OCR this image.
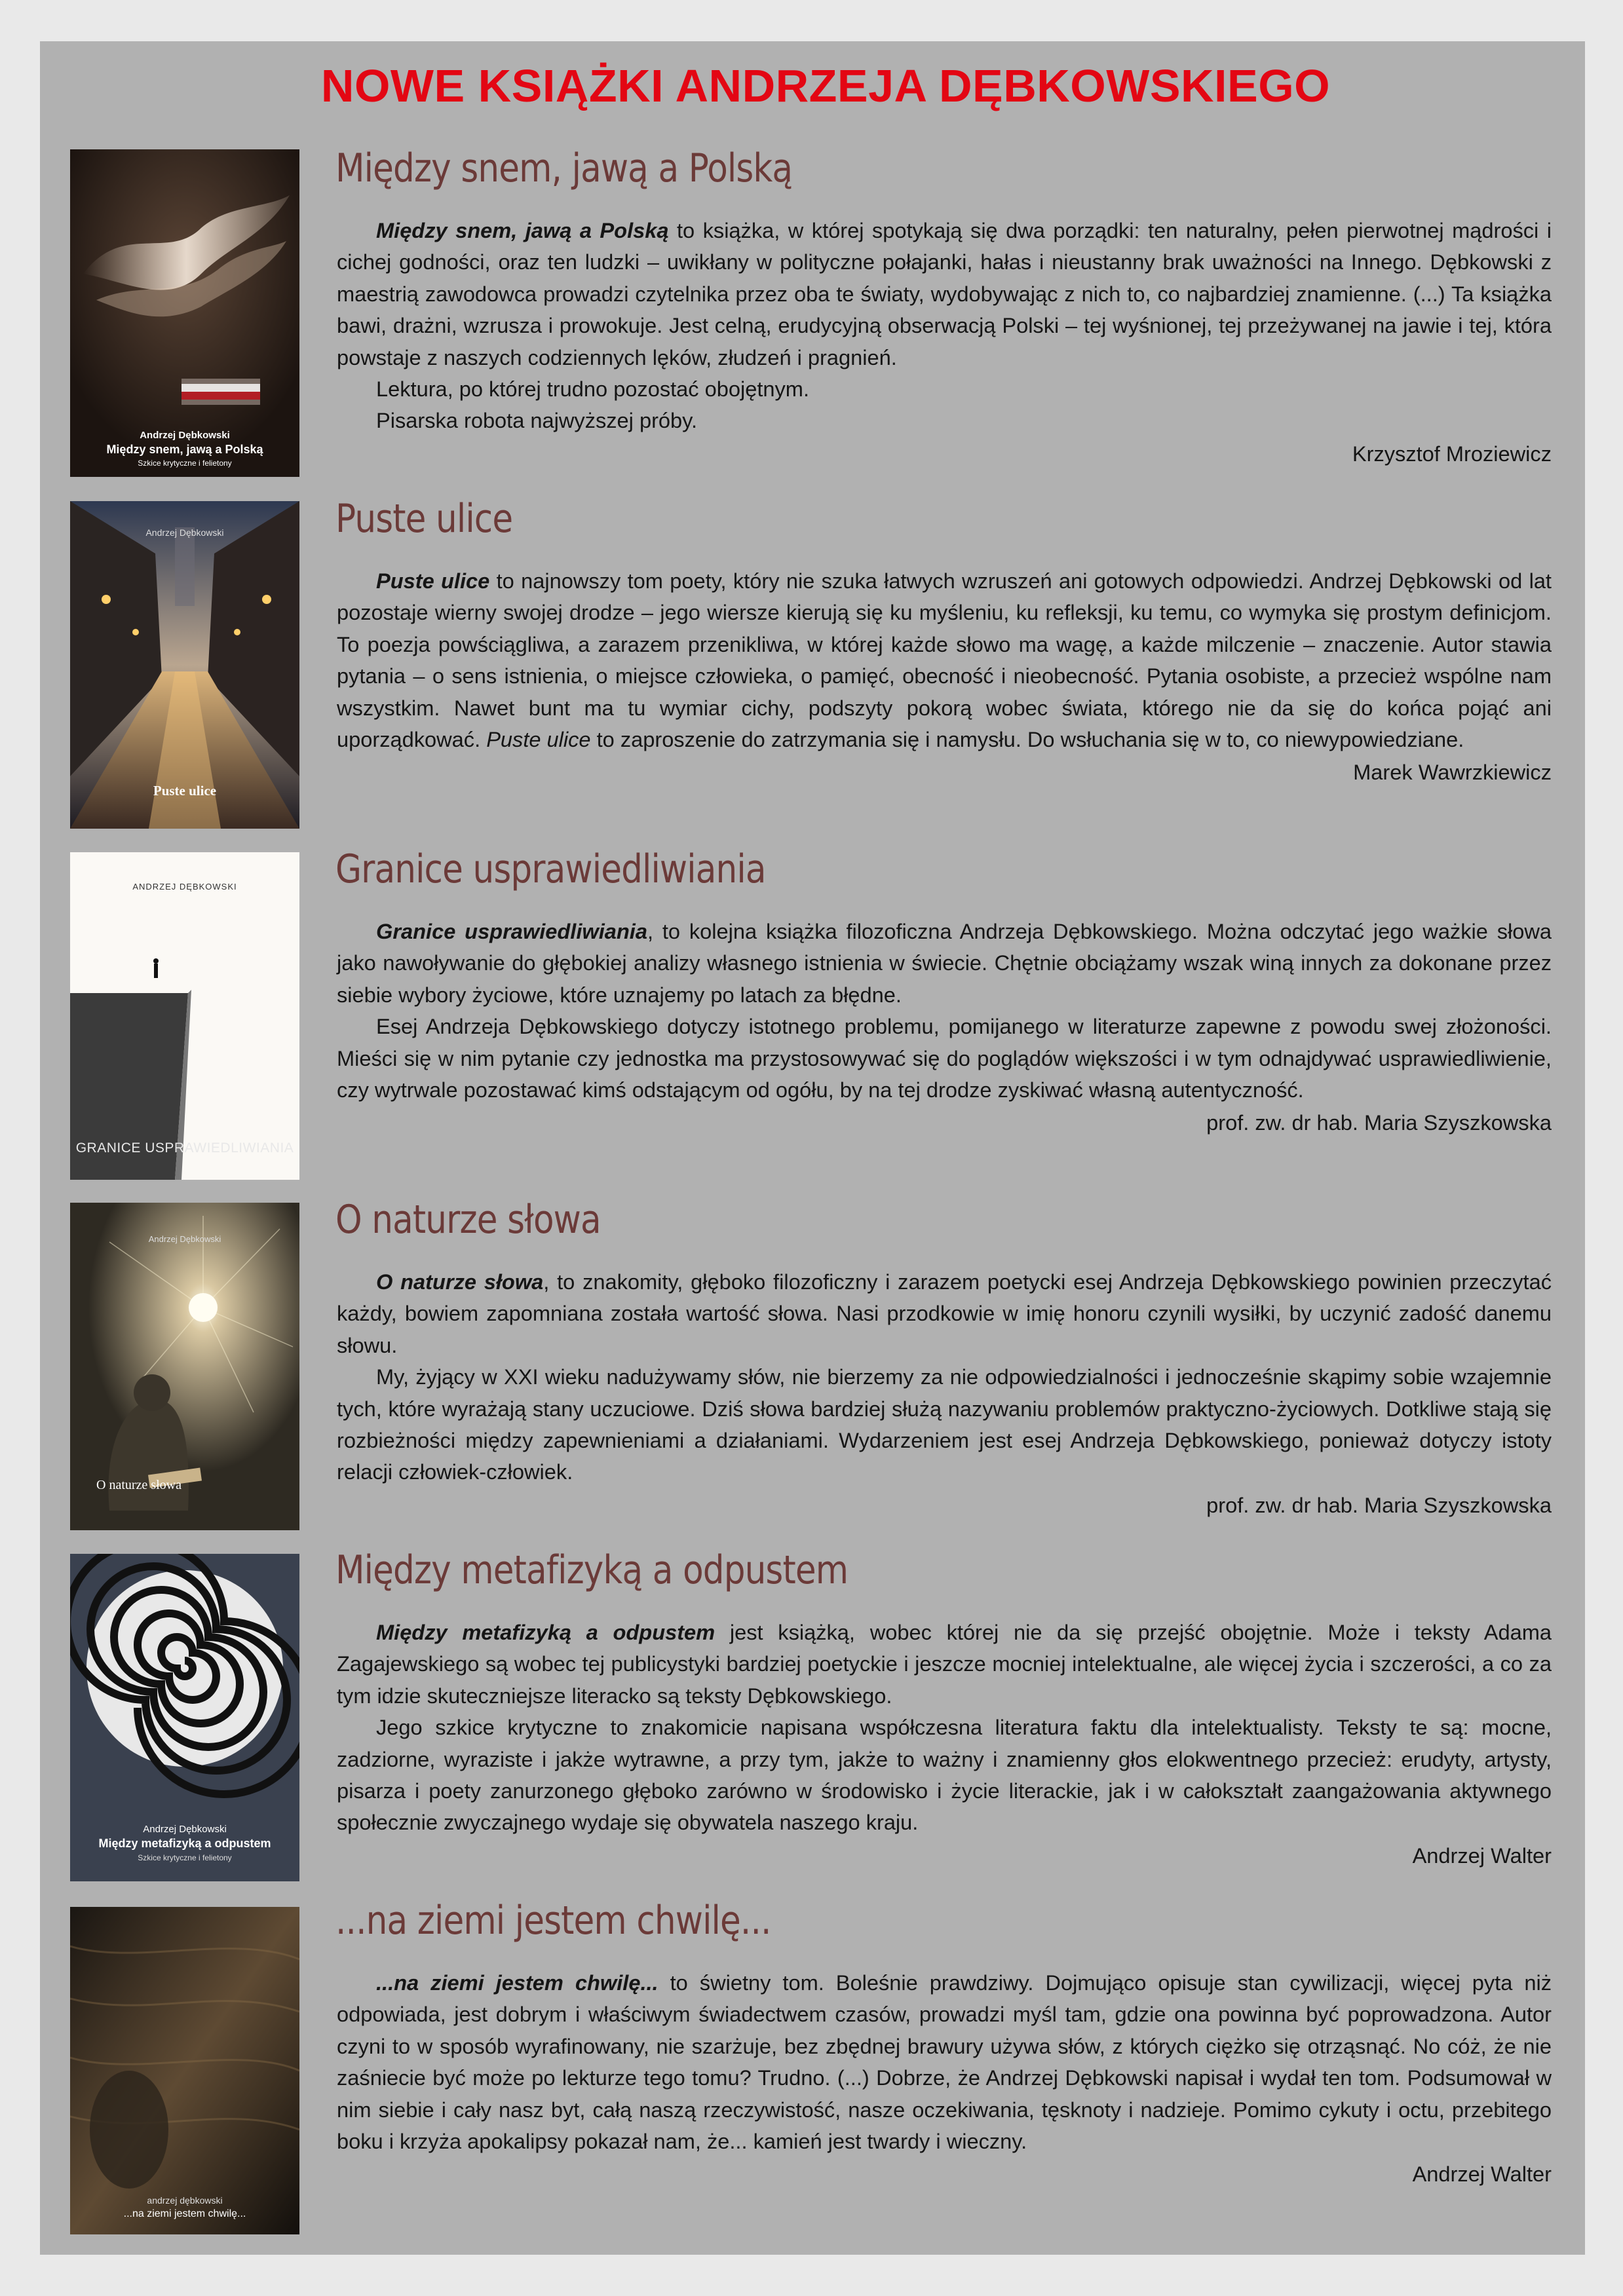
NOWE KSIĄŻKI ANDRZEJA DĘBKOWSKIEGO
Andrzej Dębkowski
Między snem, jawą a Polską
Szkice krytyczne i felietony
Między snem, jawą a Polską

Między snem, jawą a Polską to książka, w której spotykają się dwa porządki: ten naturalny, pełen pierwotnej mądrości i cichej godności, oraz ten ludzki – uwikłany w polityczne połajanki, hałas i nieustanny brak uważności na Innego. Dębkowski z maestrią zawodowca prowadzi czytelnika przez oba te światy, wydobywając z nich to, co najbardziej znamienne. (...) Ta książka bawi, drażni, wzrusza i prowokuje. Jest celną, erudycyjną obserwacją Polski – tej wyśnionej, tej przeżywanej na jawie i tej, która powstaje z naszych codziennych lęków, złudzeń i pragnień.

Lektura, po której trudno pozostać obojętnym.

Pisarska robota najwyższej próby.

Krzysztof Mroziewicz

Andrzej Dębkowski
Puste ulice
Puste ulice

Puste ulice to najnowszy tom poety, który nie szuka łatwych wzruszeń ani gotowych odpowiedzi. Andrzej Dębkowski od lat pozostaje wierny swojej drodze – jego wiersze kierują się ku myśleniu, ku refleksji, ku temu, co wymyka się prostym definicjom. To poezja powściągliwa, a zarazem przenikliwa, w której każde słowo ma wagę, a każde milczenie – znaczenie. Autor stawia pytania – o sens istnienia, o miejsce człowieka, o pamięć, obecność i nieobecność. Pytania osobiste, a przecież wspólne nam wszystkim. Nawet bunt ma tu wymiar cichy, podszyty pokorą wobec świata, którego nie da się do końca pojąć ani uporządkować. Puste ulice to zaproszenie do zatrzymania się i namysłu. Do wsłuchania się w to, co niewypowiedziane.

Marek Wawrzkiewicz

ANDRZEJ DĘBKOWSKI
GRANICE USPRAWIEDLIWIANIA
Granice usprawiedliwiania

Granice usprawiedliwiania, to kolejna książka filozoficzna Andrzeja Dębkowskiego. Można odczytać jego ważkie słowa jako nawoływanie do głębokiej analizy własnego istnienia w świecie. Chętnie obciążamy wszak winą innych za dokonane przez siebie wybory życiowe, które uznajemy po latach za błędne.

Esej Andrzeja Dębkowskiego dotyczy istotnego problemu, pomijanego w literaturze zapewne z powodu swej złożoności. Mieści się w nim pytanie czy jednostka ma przystosowywać się do poglądów większości i w tym odnajdywać usprawiedliwienie, czy wytrwale pozostawać kimś odstającym od ogółu, by na tej drodze zyskiwać własną autentyczność.

prof. zw. dr hab. Maria Szyszkowska

Andrzej Dębkowski
O naturze słowa
O naturze słowa

O naturze słowa, to znakomity, głęboko filozoficzny i zarazem poetycki esej Andrzeja Dębkowskiego powinien przeczytać każdy, bowiem zapomniana została wartość słowa. Nasi przodkowie w imię honoru czynili wysiłki, by uczynić zadość danemu słowu.

My, żyjący w XXI wieku nadużywamy słów, nie bierzemy za nie odpowiedzialności i jednocześnie skąpimy sobie wzajemnie tych, które wyrażają stany uczuciowe. Dziś słowa bardziej służą nazywaniu problemów praktyczno-życiowych. Dotkliwe stają się rozbieżności między zapewnieniami a działaniami. Wydarzeniem jest esej Andrzeja Dębkowskiego, ponieważ dotyczy istoty relacji człowiek-człowiek.

prof. zw. dr hab. Maria Szyszkowska

Andrzej Dębkowski
Między metafizyką a odpustem
Szkice krytyczne i felietony
Między metafizyką a odpustem

Między metafizyką a odpustem jest książką, wobec której nie da się przejść obojętnie. Może i teksty Adama Zagajewskiego są wobec tej publicystyki bardziej poetyckie i jeszcze mocniej intelektualne, ale więcej życia i szczerości, a co za tym idzie skuteczniejsze literacko są teksty Dębkowskiego.

Jego szkice krytyczne to znakomicie napisana współczesna literatura faktu dla intelektualisty. Teksty te są: mocne, zadziorne, wyraziste i jakże wytrawne, a przy tym, jakże to ważny i znamienny głos elokwentnego przecież: erudyty, artysty, pisarza i poety zanurzonego głęboko zarówno w środowisko i życie literackie, jak i w całokształt zaangażowania aktywnego społecznie zwyczajnego wydaje się obywatela naszego kraju.

Andrzej Walter

andrzej dębkowski
...na ziemi jestem chwilę...
...na ziemi jestem chwilę...

...na ziemi jestem chwilę... to świetny tom. Boleśnie prawdziwy. Dojmująco opisuje stan cywilizacji, więcej pyta niż odpowiada, jest dobrym i właściwym świadectwem czasów, prowadzi myśl tam, gdzie ona powinna być poprowadzona. Autor czyni to w sposób wyrafinowany, nie szarżuje, bez zbędnej brawury używa słów, z których ciężko się otrząsnąć. No cóż, że nie zaśniecie być może po lekturze tego tomu? Trudno. (...) Dobrze, że Andrzej Dębkowski napisał i wydał ten tom. Podsumował w nim siebie i cały nasz byt, całą naszą rzeczywistość, nasze oczekiwania, tęsknoty i nadzieje. Pomimo cykuty i octu, przebitego boku i krzyża apokalipsy pokazał nam, że... kamień jest twardy i wieczny.

Andrzej Walter
